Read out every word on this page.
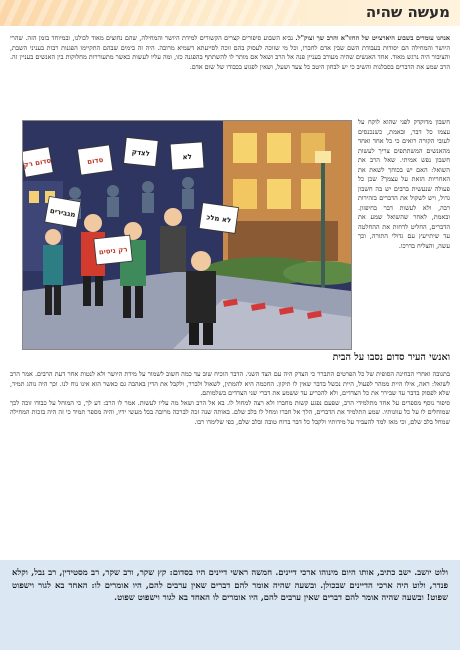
מעשה שהיה

אנחנו עומדים בשבוע היארצייט של החזו"א והרב שך זצוק"ל. נביא השבוע סיפורים קצרים הקשורים למידת היושר והמחילה, שהם נחוצים מאוד לכולנו, ובמיוחד בזמן הזה. שהרי היושר והמחילה הם יסודות בעבודת השם שבין אדם לחברו, וכל מי שזוכה לעסוק בהם זוכה לסייעתא דשמיא מרובה. היה זה בימים שבהם התקיימו הפגנות רבות בעניני השבת, והציבור היה נרגש מאוד. אחד האנשים שהיה מעורב בעניין פנה אל הרב ושאל אם מותר לו להשתתף בהפגנה כזו, ומה עליו לעשות כאשר מתעוררות מחלוקות בין האנשים בעניין זה. הרב שמע את הדברים בסבלנות והשיב כי יש לבחון היטב כל צעד ושעל, ושאין לפגוע בכבודו של שום אדם.

חשבון מדוקדק לפני שהוא לוקח על עצמו כל דבר, ובאמת, כשנכנסים לעובי הקורה רואים כי כל אחד ואחד מהאנשים המשתתפים צריך לעשות חשבון נפש אמיתי. שאל הרב את השואל: האם יש בכוחך לשאת את האחריות הזאת על עצמך? שכן כל פעולה שנעשית ברבים יש בה חשבון גדול, ויש לשקול את הדברים בזהירות רבה, ולא לעשות דבר בחיפזון. ובאמת, לאחר שהשואל שמע את הדברים, החליט לדחות את ההחלטה עד שיתייעץ עם גדולי התורה, וכך עשה, והצליח בדרכו.

סדום
לצדק	לא
מגבירים
רק ניסים
לא מלכ
סדום רק
ואנשי העיר סדום נסבו על הבית

בתגובה ואחרי הבחינה הסופית של כל הפרטים התברר כי הצדק היה עם הצד השני. הדבר הוכיח שוב עד כמה חשוב לשמור על מידת היושר ולא לנטות אחר דעת הרבים. אמר הרב לשואל: ראה, אילו היית ממהר לפעול, היית נכשל בדבר שאין לו תיקון. החכמה היא להמתין, לשאול ולברר, ולקבל את הדין באהבה גם כאשר הוא אינו נוח לנו. וכך היה נוהג תמיד, שלא לפסוק בדבר עד שבירר את כל הצדדים, ולא להכריע עד ששמע את דברי שני הצדדים בשלמותם.

סיפור נוסף מספרים על אחד מתלמידי הרב, שפעם נפגע קשות מחברו ולא רצה למחול לו. בא אל הרב ושאל מה עליו לעשות. אמר לו הרב: דע לך, כי המוחל על כבודו זוכה לכך שמוחלים לו על כל עוונותיו. שמע התלמיד את הדברים, הלך אל חברו ומחל לו בלב שלם. באותה שנה זכה לברכה מרובה בכל מעשי ידיו, והיה מספר תמיד כי זה היה בזכות המחילה שמחל בלב שלם, וכי מאז למד להעביר על מידותיו ולקבל כל דבר ברוח טובה ובלב שלם, כפי שלימדו רבו.

ולוט יושב. ישב כתיב, אותו היום מינוהו ארכי דיינים. חמשה ראשי דיינים היו בסדום: קץ שקר, ורב שקר, רב מסטידין, רב נבל, וקלא פנדר, ולוט היה ארכי הדיינים שבכולן. ובשעה שהיה אומר להם דברים שאין ערבים להם, היו אומרים לו: האחד בא לגור וישפוט שפוט! ובשעה שהיה אומר להם דברים שאין ערבים להם, היו אומרים לו האחד בא לגור וישפוט שפוט.
